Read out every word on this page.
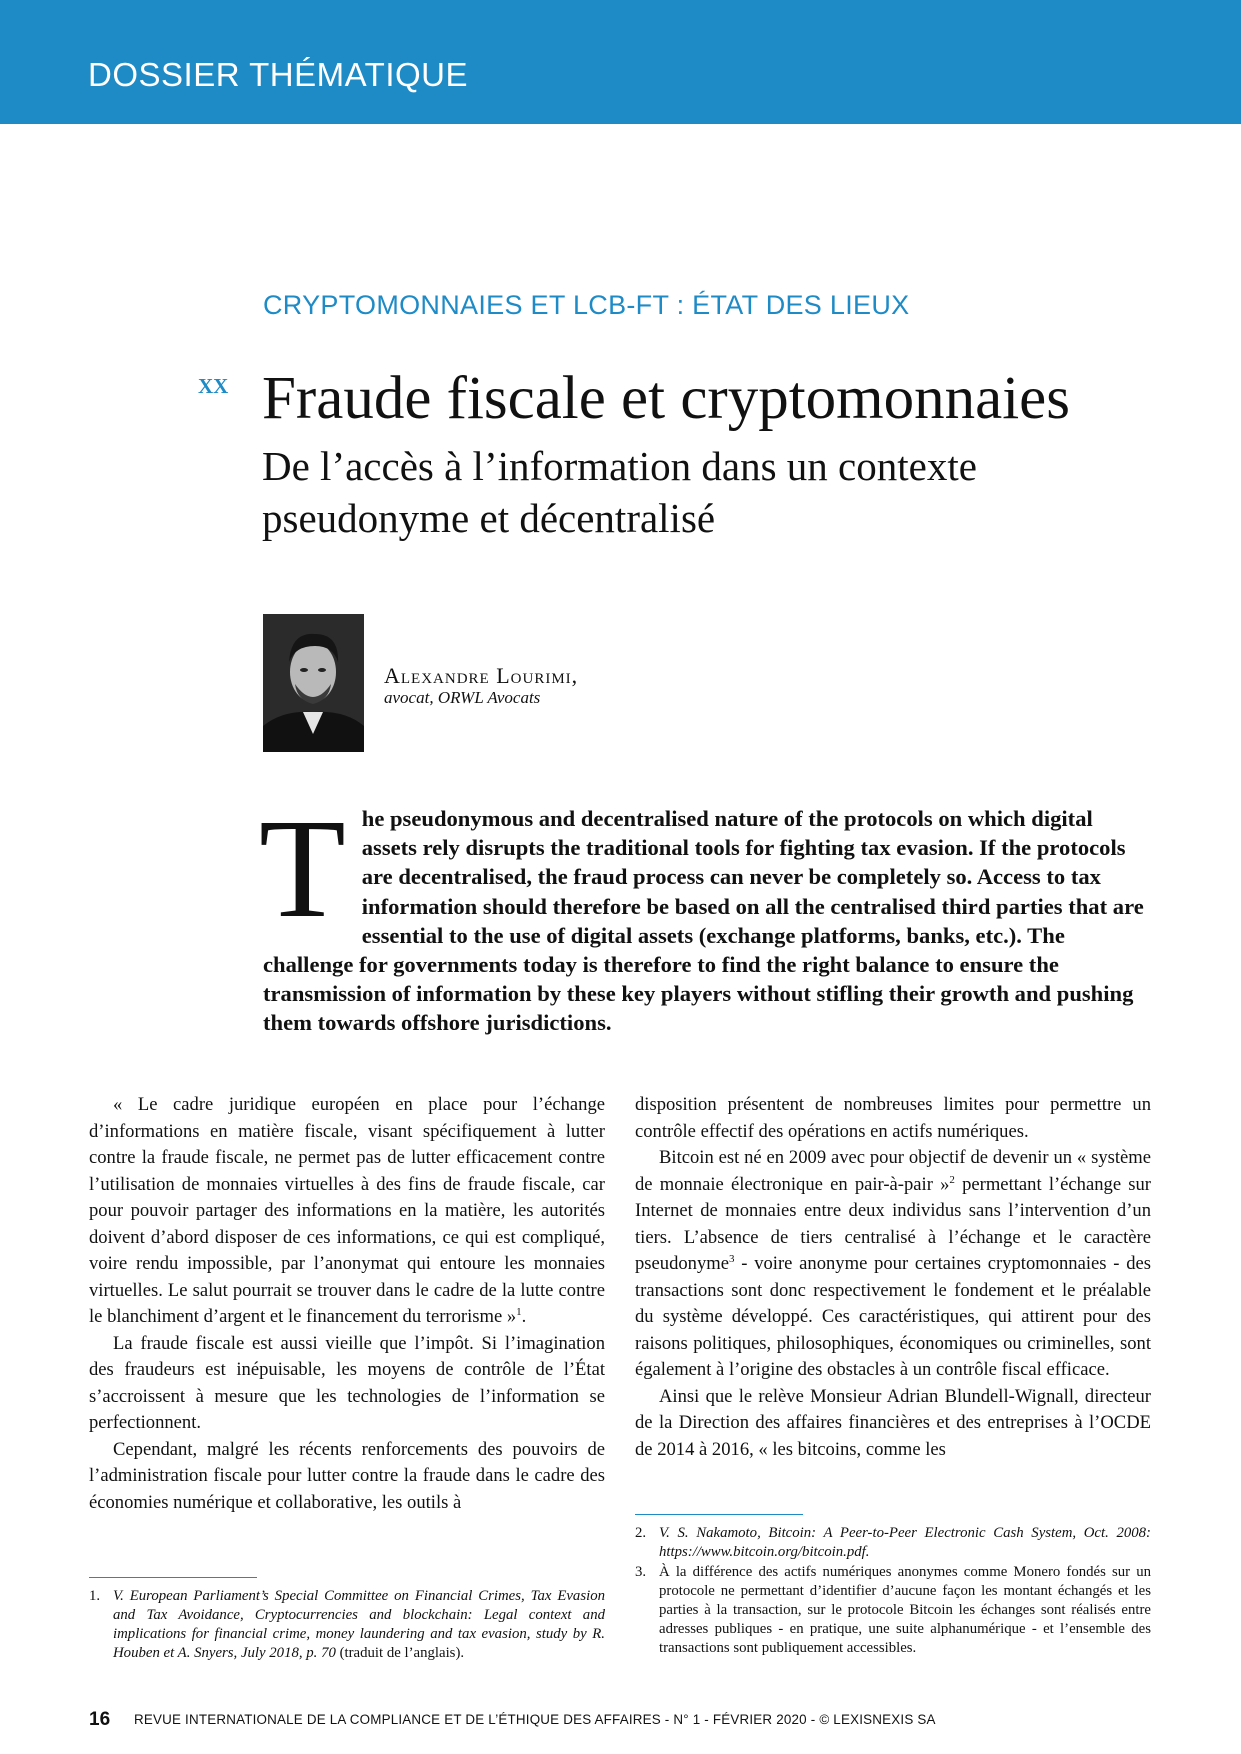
DOSSIER THÉMATIQUE
CRYPTOMONNAIES ET LCB-FT : ÉTAT DES LIEUX
XX Fraude fiscale et cryptomonnaies
De l’accès à l’information dans un contexte pseudonyme et décentralisé
Alexandre Lourimi,
avocat, ORWL Avocats

The pseudonymous and decentralised nature of the protocols on which digital assets rely disrupts the traditional tools for fighting tax evasion. If the protocols are decentralised, the fraud process can never be completely so. Access to tax information should therefore be based on all the centralised third parties that are essential to the use of digital assets (exchange platforms, banks, etc.). The challenge for governments today is therefore to find the right balance to ensure the transmission of information by these key players without stifling their growth and pushing them towards offshore jurisdictions.

« Le cadre juridique européen en place pour l’échange d’informations en matière fiscale, visant spécifiquement à lutter contre la fraude fiscale, ne permet pas de lutter efficacement contre l’utilisation de monnaies virtuelles à des fins de fraude fiscale, car pour pouvoir partager des informations en la matière, les autorités doivent d’abord disposer de ces informations, ce qui est compliqué, voire rendu impossible, par l’anonymat qui entoure les monnaies virtuelles. Le salut pourrait se trouver dans le cadre de la lutte contre le blanchiment d’argent et le financement du terrorisme »$^1$.

La fraude fiscale est aussi vieille que l’impôt. Si l’imagination des fraudeurs est inépuisable, les moyens de contrôle de l’État s’accroissent à mesure que les technologies de l’information se perfectionnent.

Cependant, malgré les récents renforcements des pouvoirs de l’administration fiscale pour lutter contre la fraude dans le cadre des économies numérique et collaborative, les outils à

disposition présentent de nombreuses limites pour permettre un contrôle effectif des opérations en actifs numériques.

Bitcoin est né en 2009 avec pour objectif de devenir un « système de monnaie électronique en pair-à-pair »$^2$ permettant l’échange sur Internet de monnaies entre deux individus sans l’intervention d’un tiers. L’absence de tiers centralisé à l’échange et le caractère pseudonyme$^3$ - voire anonyme pour certaines cryptomonnaies - des transactions sont donc respectivement le fondement et le préalable du système développé. Ces caractéristiques, qui attirent pour des raisons politiques, philosophiques, économiques ou criminelles, sont également à l’origine des obstacles à un contrôle fiscal efficace.

Ainsi que le relève Monsieur Adrian Blundell-Wignall, directeur de la Direction des affaires financières et des entreprises à l’OCDE de 2014 à 2016, « les bitcoins, comme les

1. V. European Parliament’s Special Committee on Financial Crimes, Tax Evasion and Tax Avoidance, Cryptocurrencies and blockchain: Legal context and implications for financial crime, money laundering and tax evasion, study by R. Houben et A. Snyers, July 2018, p. 70 (traduit de l’anglais).
2. V. S. Nakamoto, Bitcoin: A Peer-to-Peer Electronic Cash System, Oct. 2008: https://www.bitcoin.org/bitcoin.pdf.
3. À la différence des actifs numériques anonymes comme Monero fondés sur un protocole ne permettant d’identifier d’aucune façon les montant échangés et les parties à la transaction, sur le protocole Bitcoin les échanges sont réalisés entre adresses publiques - en pratique, une suite alphanumérique - et l’ensemble des transactions sont publiquement accessibles.
16 REVUE INTERNATIONALE DE LA COMPLIANCE ET DE L’ÉTHIQUE DES AFFAIRES - N° 1 - FÉVRIER 2020 - © LEXISNEXIS SA
